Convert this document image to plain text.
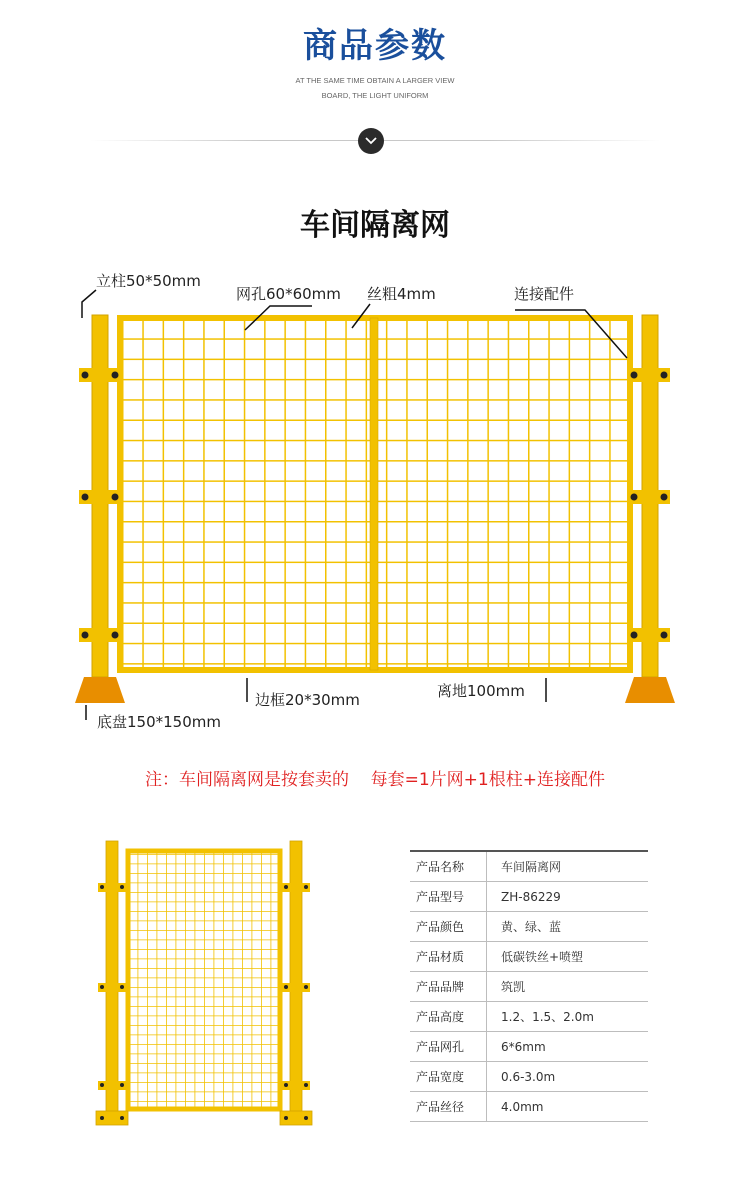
商品参数
AT THE SAME TIME OBTAIN A LARGER VIEW
BOARD, THE LIGHT UNIFORM
车间隔离网
立柱50*50mm
网孔60*60mm 丝粗4mm	连接配件
边框20*30mm	离地100mm
底盘150*150mm
注：车间隔离网是按套卖的    每套=1片网+1根柱+连接配件
产品名称	车间隔离网
产品型号	ZH-86229
产品颜色	黄、绿、蓝
产品材质	低碳铁丝+喷塑
产品品牌	筑凯
产品高度	1.2、1.5、2.0m
产品网孔	6*6mm
产品宽度	0.6-3.0m
产品丝径	4.0mm
